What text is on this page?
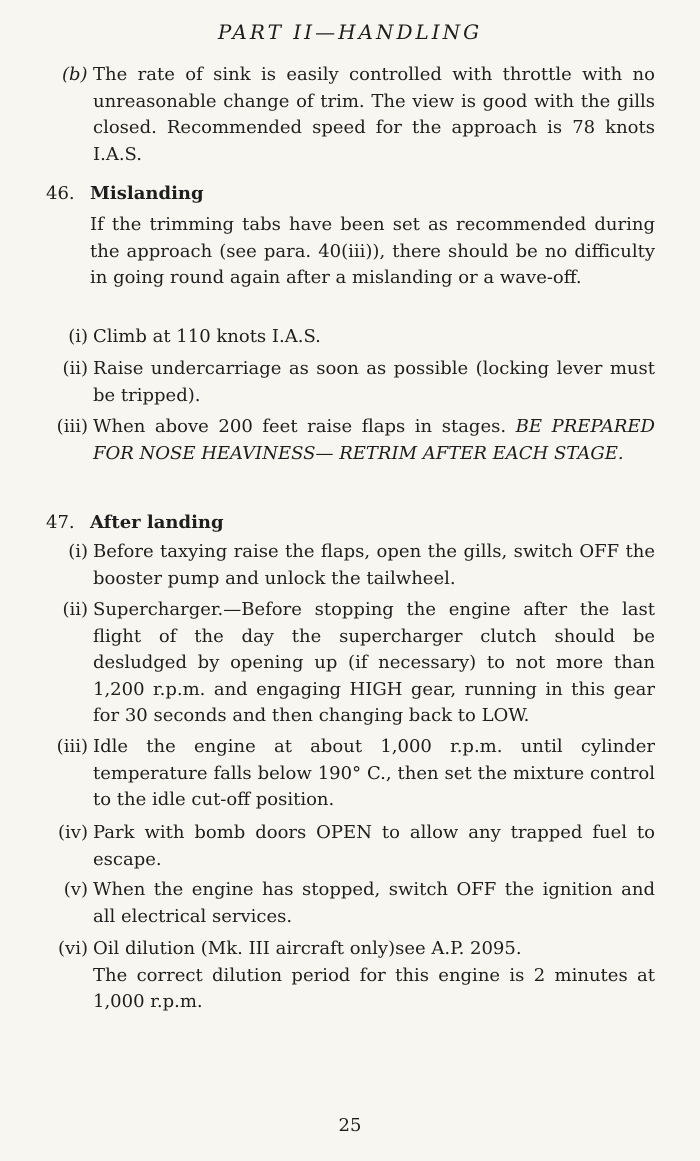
PART II—HANDLING
(b) The rate of sink is easily controlled with throttle with no unreasonable change of trim. The view is good with the gills closed. Recommended speed for the approach is 78 knots I.A.S.
46. Mislanding
If the trimming tabs have been set as recommended during the approach (see para. 40(iii)), there should be no difficulty in going round again after a mislanding or a wave-off.
(i) Climb at 110 knots I.A.S.
(ii) Raise undercarriage as soon as possible (locking lever must be tripped).
(iii) When above 200 feet raise flaps in stages. BE PREPARED FOR NOSE HEAVINESS— RETRIM AFTER EACH STAGE.
47. After landing
(i) Before taxying raise the flaps, open the gills, switch OFF the booster pump and unlock the tailwheel.
(ii) Supercharger.—Before stopping the engine after the last flight of the day the supercharger clutch should be desludged by opening up (if necessary) to not more than 1,200 r.p.m. and engaging HIGH gear, running in this gear for 30 seconds and then changing back to LOW.
(iii) Idle the engine at about 1,000 r.p.m. until cylinder temperature falls below 190° C., then set the mixture control to the idle cut-off position.
(iv) Park with bomb doors OPEN to allow any trapped fuel to escape.
(v) When the engine has stopped, switch OFF the ignition and all electrical services.
(vi) Oil dilution (Mk. III aircraft only)see A.P. 2095.
The correct dilution period for this engine is 2 minutes at 1,000 r.p.m.
25
